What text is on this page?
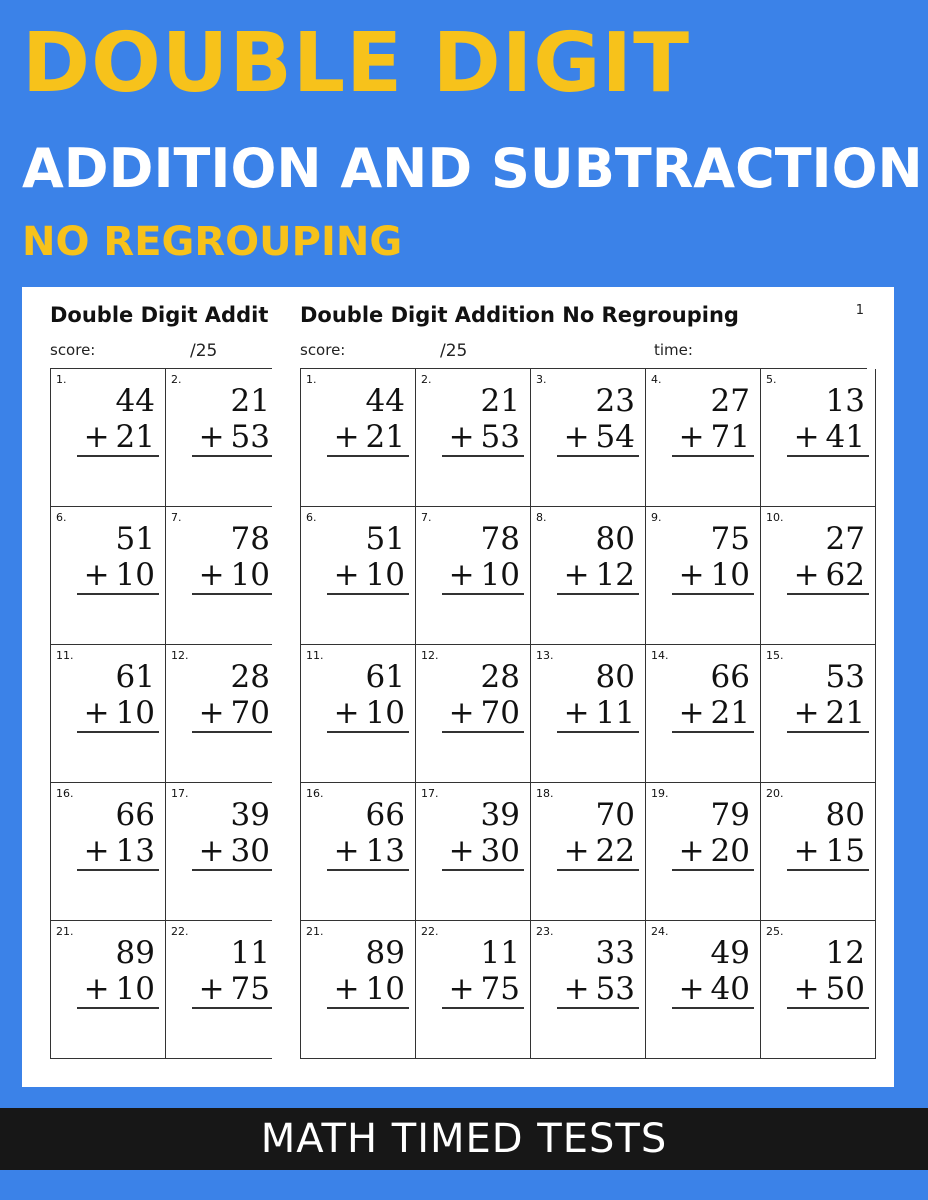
DOUBLE DIGIT
ADDITION AND SUBTRACTION
NO REGROUPING
Double Digit Addit
score:	/25
1.
44
+ 21
2.
21
+ 53
6.
51
+ 10
7.
78
+ 10
11.
61
+ 10
12.
28
+ 70
16.
66
+ 13
17.
39
+ 30
21.
89
+ 10
22.
11
+ 75
Double Digit Addition No Regrouping
score:	/25	time:
1.
44
+ 21
2.
21
+ 53
3.
23
+ 54
4.
27
+ 71
5.
13
+ 41
6.
51
+ 10
7.
78
+ 10
8.
80
+ 12
9.
75
+ 10
10.
27
+ 62
11.
61
+ 10
12.
28
+ 70
13.
80
+ 11
14.
66
+ 21
15.
53
+ 21
16.
66
+ 13
17.
39
+ 30
18.
70
+ 22
19.
79
+ 20
20.
80
+ 15
21.
89
+ 10
22.
11
+ 75
23.
33
+ 53
24.
49
+ 40
25.
12
+ 50
1
MATH TIMED TESTS
